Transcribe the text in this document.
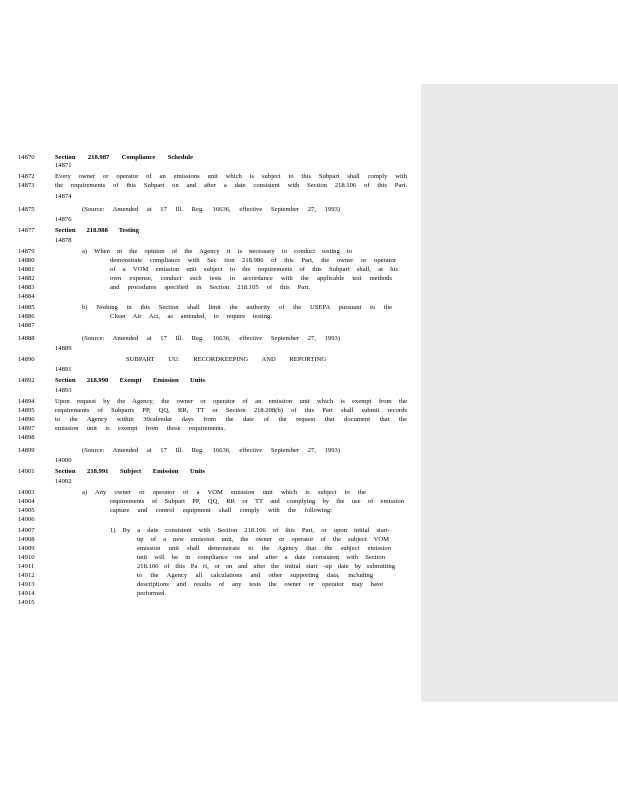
14870	Section 218.987 Compliance Schedule
14871
14872	Every owner or operator of an emissions unit which is subject to this Subpart shall comply with
14873	the requirements of this Subpart on and after a date consistent with Section 218.106 of this Part.
14874
14875	(Source: Amended at 17 Ill. Reg. 16636, effective September 27, 1993)
14876
14877	Section 218.988 Testing
14878
14879	a) When in the opinion of the Agency it is necessary to conduct testing to
14880	demonstrate compliance with Sec tion 218.986 of this Part, the owner or operator
14881	of a VOM emission unit subject to the requirements of this Subpart shall, at his
14882	own expense, conduct such tests in accordance with the applicable test methods
14883	and procedures specified in Section 218.105 of this Part.
14884
14885	b) Nothing in this Section shall limit the authority of the USEPA pursuant to the
14886	Clean Air Act, as amended, to require testing.
14887
14888	(Source: Amended at 17 Ill. Reg. 16636, effective September 27, 1993)
14889
14890	SUBPART UU: RECORDKEEPING AND REPORTING
14891
14892	Section 218.990 Exempt Emission Units
14893
14894	Upon request by the Agency, the owner or operator of an emission unit which is exempt from the
14895	requirements of Subparts PP, QQ, RR, TT or Section 218.208(b) of this Part shall submit records
14896	to the Agency within 30calendar days from the date of the request that document that the
14897	emission unit is exempt from those requirements.
14898
14899	(Source: Amended at 17 Ill. Reg. 16636, effective September 27, 1993)
14900
14901	Section 218.991 Subject Emission Units
14902
14903	a) Any owner or operator of a VOM emission unit which is subject to the
14904	requirements of Subpart PP, QQ, RR or TT and complying by the use of emission
14905	capture and control equipment shall comply with the following:
14906
14907	1) By a date consistent with Section 218.106 of this Part, or upon initial start-
14908	up of a new emission unit, the owner or operator of the subject VOM
14909	emission unit shall demonstrate to the Agency that the subject emission
14910	unit will be in compliance on and after a date consistent with Section
14911	218.106 of this Pa rt, or on and after the initial start -up date by submitting
14912	to the Agency all calculations and other supporting data, including
14913	descriptions and results of any tests the owner or operator may have
14914	performed.
14915
